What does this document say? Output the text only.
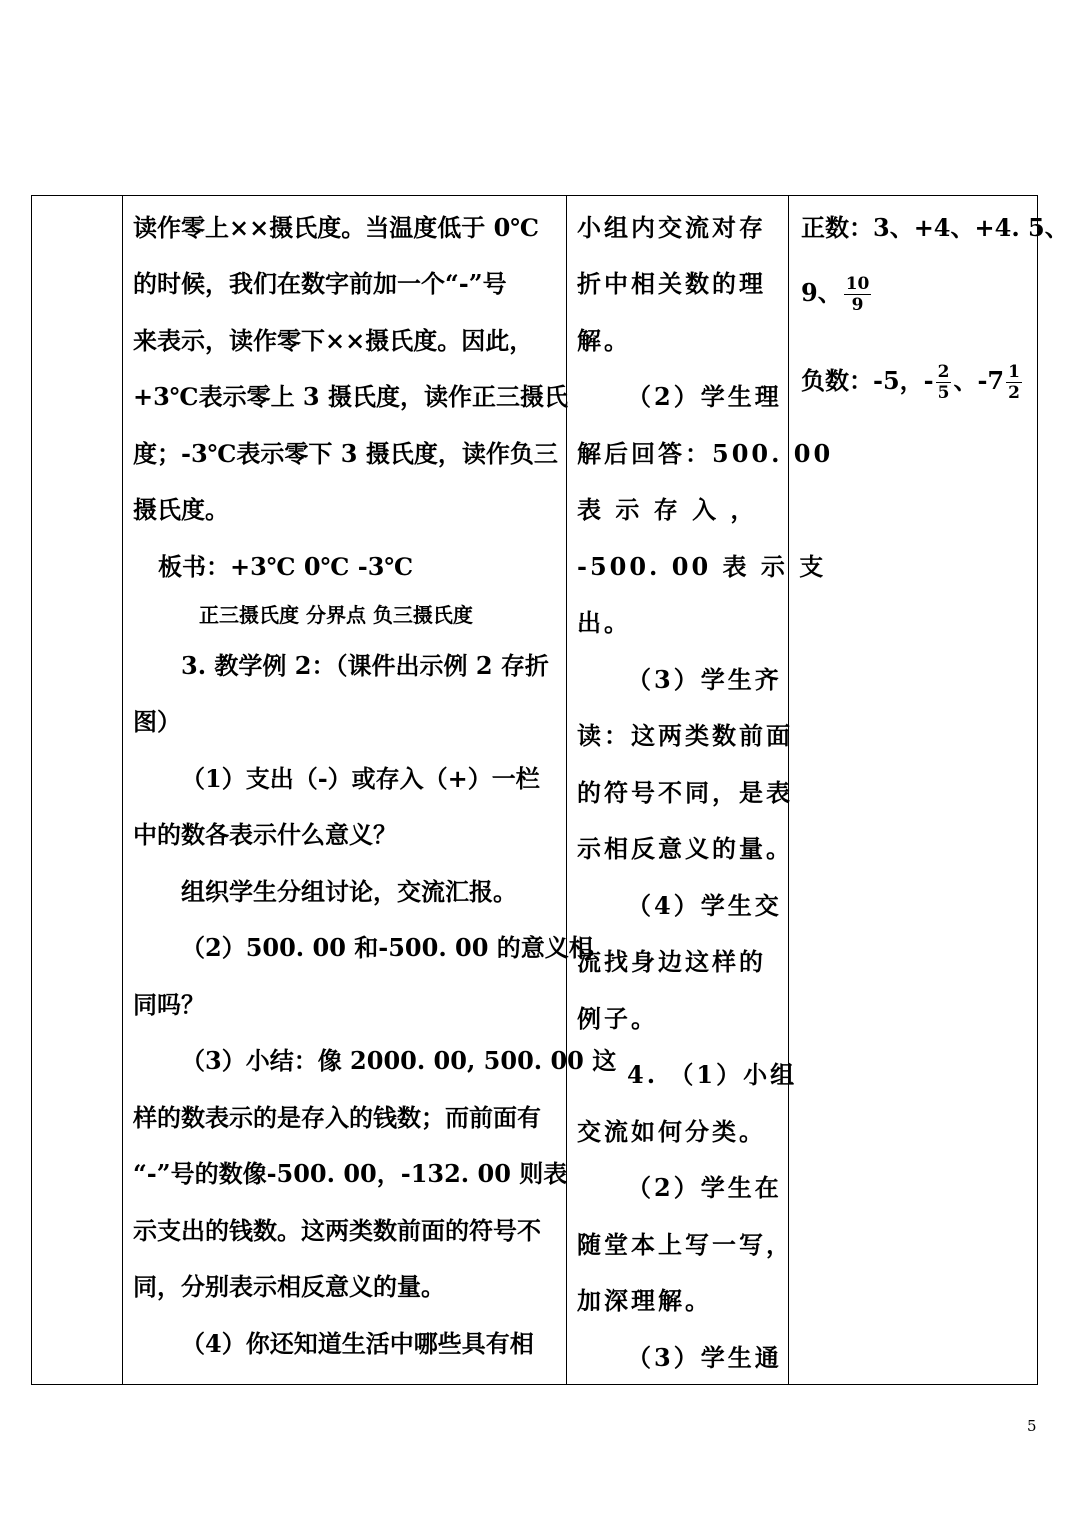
读作零上××摄氏度。当温度低于 0℃
的时候，我们在数字前加一个“-”号
来表示，读作零下××摄氏度。因此，
+3℃表示零上 3 摄氏度，读作正三摄氏
度；-3℃表示零下 3 摄氏度，读作负三
摄氏度。
板书：+3℃ 0℃ -3℃
正三摄氏度 分界点 负三摄氏度
3. 教学例 2：（课件出示例 2 存折
图）
（1）支出（-）或存入（+）一栏
中的数各表示什么意义？
组织学生分组讨论，交流汇报。
（2）500. 00 和-500. 00 的意义相
同吗？
（3）小结：像 2000. 00, 500. 00 这
样的数表示的是存入的钱数；而前面有
“-”号的数像-500. 00，-132. 00 则表
示支出的钱数。这两类数前面的符号不
同，分别表示相反意义的量。
（4）你还知道生活中哪些具有相
小组内交流对存
折中相关数的理
解。
（2）学生理
解后回答：500. 00
表 示 存 入 ，
-500. 00 表 示 支
出。
（3）学生齐
读：这两类数前面
的符号不同，是表
示相反意义的量。
（4）学生交
流找身边这样的
例子。
4. （1）小组
交流如何分类。
（2）学生在
随堂本上写一写，
加深理解。
（3）学生通
正数：3、+4、+4. 5、
9、 $\frac{10}{9}$
负数：-5，- $\frac{2}{5}$ 、$-7 \frac{1}{2}$
5
